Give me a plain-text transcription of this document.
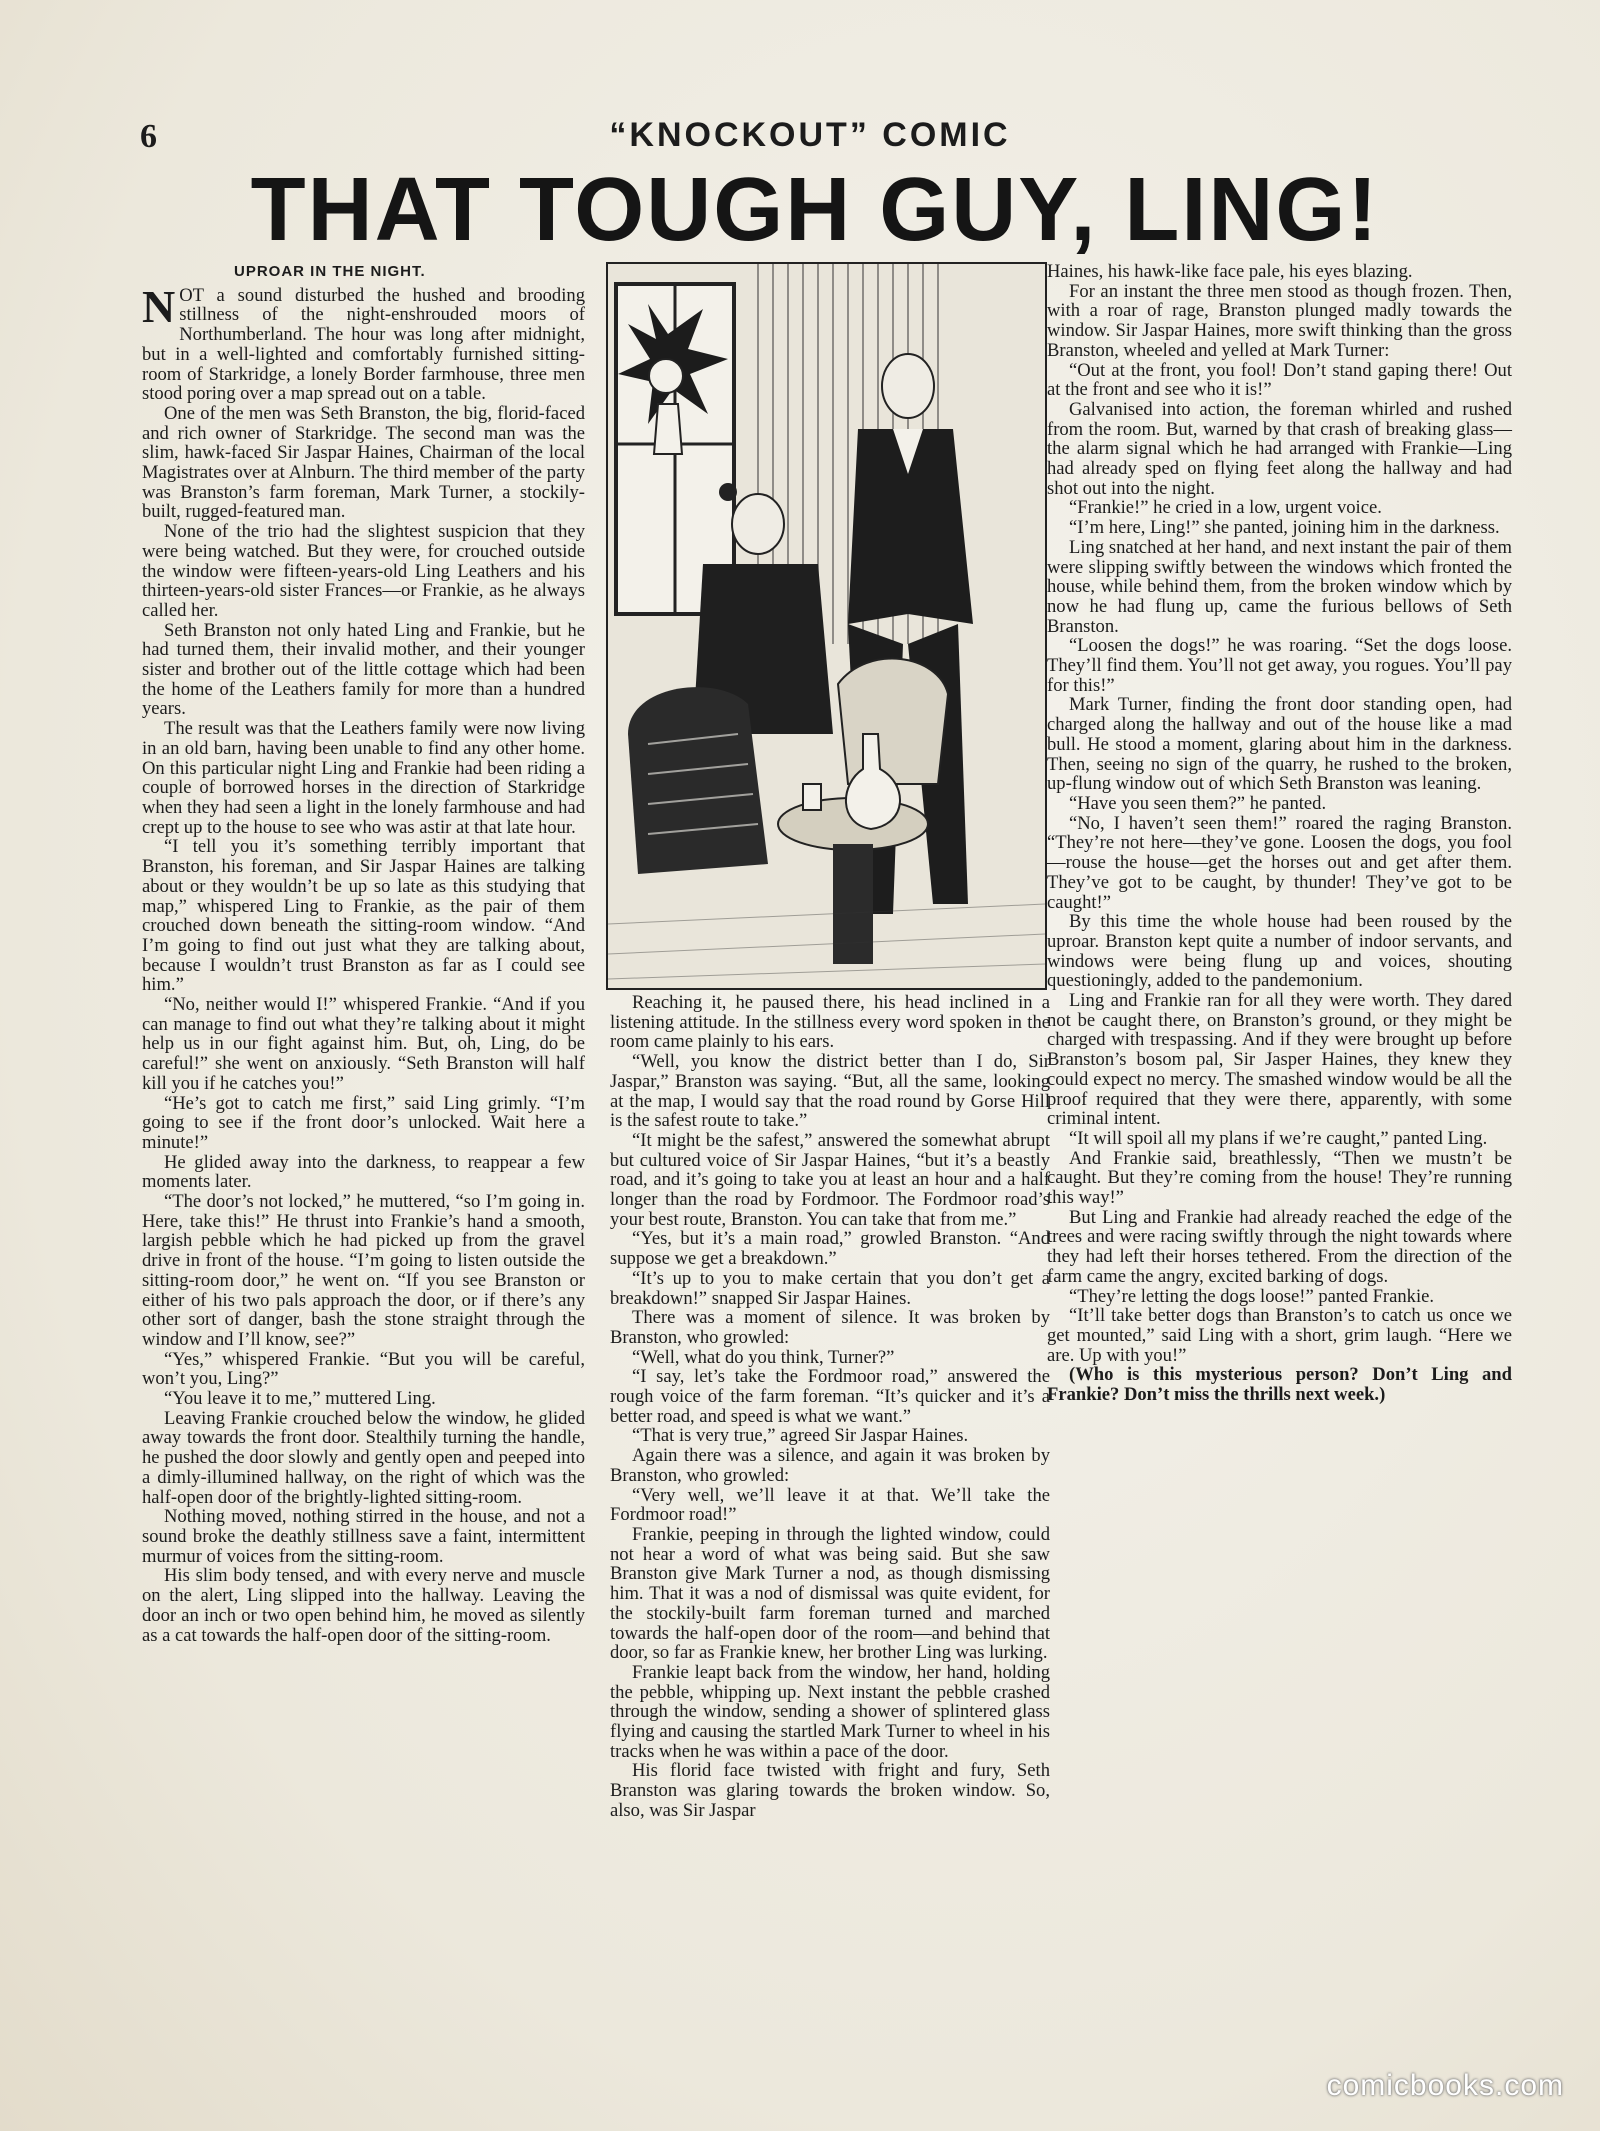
6	“KNOCKOUT” COMIC
THAT TOUGH GUY, LING!
UPROAR IN THE NIGHT.

NOT a sound disturbed the hushed and brooding stillness of the night-enshrouded moors of Northumberland. The hour was long after midnight, but in a well-lighted and comfortably furnished sitting-room of Starkridge, a lonely Border farmhouse, three men stood poring over a map spread out on a table.

One of the men was Seth Branston, the big, florid-faced and rich owner of Starkridge. The second man was the slim, hawk-faced Sir Jaspar Haines, Chairman of the local Magistrates over at Alnburn. The third member of the party was Branston’s farm foreman, Mark Turner, a stockily-built, rugged-featured man.

None of the trio had the slightest suspicion that they were being watched. But they were, for crouched outside the window were fifteen-years-old Ling Leathers and his thirteen-years-old sister Frances—or Frankie, as he always called her.

Seth Branston not only hated Ling and Frankie, but he had turned them, their invalid mother, and their younger sister and brother out of the little cottage which had been the home of the Leathers family for more than a hundred years.

The result was that the Leathers family were now living in an old barn, having been unable to find any other home. On this particular night Ling and Frankie had been riding a couple of borrowed horses in the direction of Starkridge when they had seen a light in the lonely farmhouse and had crept up to the house to see who was astir at that late hour.

“I tell you it’s something terribly important that Branston, his foreman, and Sir Jaspar Haines are talking about or they wouldn’t be up so late as this studying that map,” whispered Ling to Frankie, as the pair of them crouched down beneath the sitting-room window. “And I’m going to find out just what they are talking about, because I wouldn’t trust Branston as far as I could see him.”

“No, neither would I!” whispered Frankie. “And if you can manage to find out what they’re talking about it might help us in our fight against him. But, oh, Ling, do be careful!” she went on anxiously. “Seth Branston will half kill you if he catches you!”

“He’s got to catch me first,” said Ling grimly. “I’m going to see if the front door’s unlocked. Wait here a minute!”

He glided away into the darkness, to reappear a few moments later.

“The door’s not locked,” he muttered, “so I’m going in. Here, take this!” He thrust into Frankie’s hand a smooth, largish pebble which he had picked up from the gravel drive in front of the house. “I’m going to listen outside the sitting-room door,” he went on. “If you see Branston or either of his two pals approach the door, or if there’s any other sort of danger, bash the stone straight through the window and I’ll know, see?”

“Yes,” whispered Frankie. “But you will be careful, won’t you, Ling?”

“You leave it to me,” muttered Ling.

Leaving Frankie crouched below the window, he glided away towards the front door. Stealthily turning the handle, he pushed the door slowly and gently open and peeped into a dimly-illumined hallway, on the right of which was the half-open door of the brightly-lighted sitting-room.

Nothing moved, nothing stirred in the house, and not a sound broke the deathly stillness save a faint, intermittent murmur of voices from the sitting-room.

His slim body tensed, and with every nerve and muscle on the alert, Ling slipped into the hallway. Leaving the door an inch or two open behind him, he moved as silently as a cat towards the half-open door of the sitting-room.

Reaching it, he paused there, his head inclined in a listening attitude. In the stillness every word spoken in the room came plainly to his ears.

“Well, you know the district better than I do, Sir Jaspar,” Branston was saying. “But, all the same, looking at the map, I would say that the road round by Gorse Hill is the safest route to take.”

“It might be the safest,” answered the somewhat abrupt but cultured voice of Sir Jaspar Haines, “but it’s a beastly road, and it’s going to take you at least an hour and a half longer than the road by Fordmoor. The Fordmoor road’s your best route, Branston. You can take that from me.”

“Yes, but it’s a main road,” growled Branston. “And suppose we get a breakdown.”

“It’s up to you to make certain that you don’t get a breakdown!” snapped Sir Jaspar Haines.

There was a moment of silence. It was broken by Branston, who growled:

“Well, what do you think, Turner?”

“I say, let’s take the Fordmoor road,” answered the rough voice of the farm foreman. “It’s quicker and it’s a better road, and speed is what we want.”

“That is very true,” agreed Sir Jaspar Haines.

Again there was a silence, and again it was broken by Branston, who growled:

“Very well, we’ll leave it at that. We’ll take the Fordmoor road!”

Frankie, peeping in through the lighted window, could not hear a word of what was being said. But she saw Branston give Mark Turner a nod, as though dismissing him. That it was a nod of dismissal was quite evident, for the stockily-built farm foreman turned and marched towards the half-open door of the room—and behind that door, so far as Frankie knew, her brother Ling was lurking.

Frankie leapt back from the window, her hand, holding the pebble, whipping up. Next instant the pebble crashed through the window, sending a shower of splintered glass flying and causing the startled Mark Turner to wheel in his tracks when he was within a pace of the door.

His florid face twisted with fright and fury, Seth Branston was glaring towards the broken window. So, also, was Sir Jaspar

Haines, his hawk-like face pale, his eyes blazing.

For an instant the three men stood as though frozen. Then, with a roar of rage, Branston plunged madly towards the window. Sir Jaspar Haines, more swift thinking than the gross Branston, wheeled and yelled at Mark Turner:

“Out at the front, you fool! Don’t stand gaping there! Out at the front and see who it is!”

Galvanised into action, the foreman whirled and rushed from the room. But, warned by that crash of breaking glass—the alarm signal which he had arranged with Frankie—Ling had already sped on flying feet along the hallway and had shot out into the night.

“Frankie!” he cried in a low, urgent voice.

“I’m here, Ling!” she panted, joining him in the darkness.

Ling snatched at her hand, and next instant the pair of them were slipping swiftly between the windows which fronted the house, while behind them, from the broken window which by now he had flung up, came the furious bellows of Seth Branston.

“Loosen the dogs!” he was roaring. “Set the dogs loose. They’ll find them. You’ll not get away, you rogues. You’ll pay for this!”

Mark Turner, finding the front door standing open, had charged along the hallway and out of the house like a mad bull. He stood a moment, glaring about him in the darkness. Then, seeing no sign of the quarry, he rushed to the broken, up-flung window out of which Seth Branston was leaning.

“Have you seen them?” he panted.

“No, I haven’t seen them!” roared the raging Branston. “They’re not here—they’ve gone. Loosen the dogs, you fool—rouse the house—get the horses out and get after them. They’ve got to be caught, by thunder! They’ve got to be caught!”

By this time the whole house had been roused by the uproar. Branston kept quite a number of indoor servants, and windows were being flung up and voices, shouting questioningly, added to the pandemonium.

Ling and Frankie ran for all they were worth. They dared not be caught there, on Branston’s ground, or they might be charged with trespassing. And if they were brought up before Branston’s bosom pal, Sir Jasper Haines, they knew they could expect no mercy. The smashed window would be all the proof required that they were there, apparently, with some criminal intent.

“It will spoil all my plans if we’re caught,” panted Ling.

And Frankie said, breathlessly, “Then we mustn’t be caught. But they’re coming from the house! They’re running this way!”

But Ling and Frankie had already reached the edge of the trees and were racing swiftly through the night towards where they had left their horses tethered. From the direction of the farm came the angry, excited barking of dogs.

“They’re letting the dogs loose!” panted Frankie.

“It’ll take better dogs than Branston’s to catch us once we get mounted,” said Ling with a short, grim laugh. “Here we are. Up with you!”

(Who is this mysterious person? Don’t Ling and Frankie? Don’t miss the thrills next week.)

comicbooks.com
